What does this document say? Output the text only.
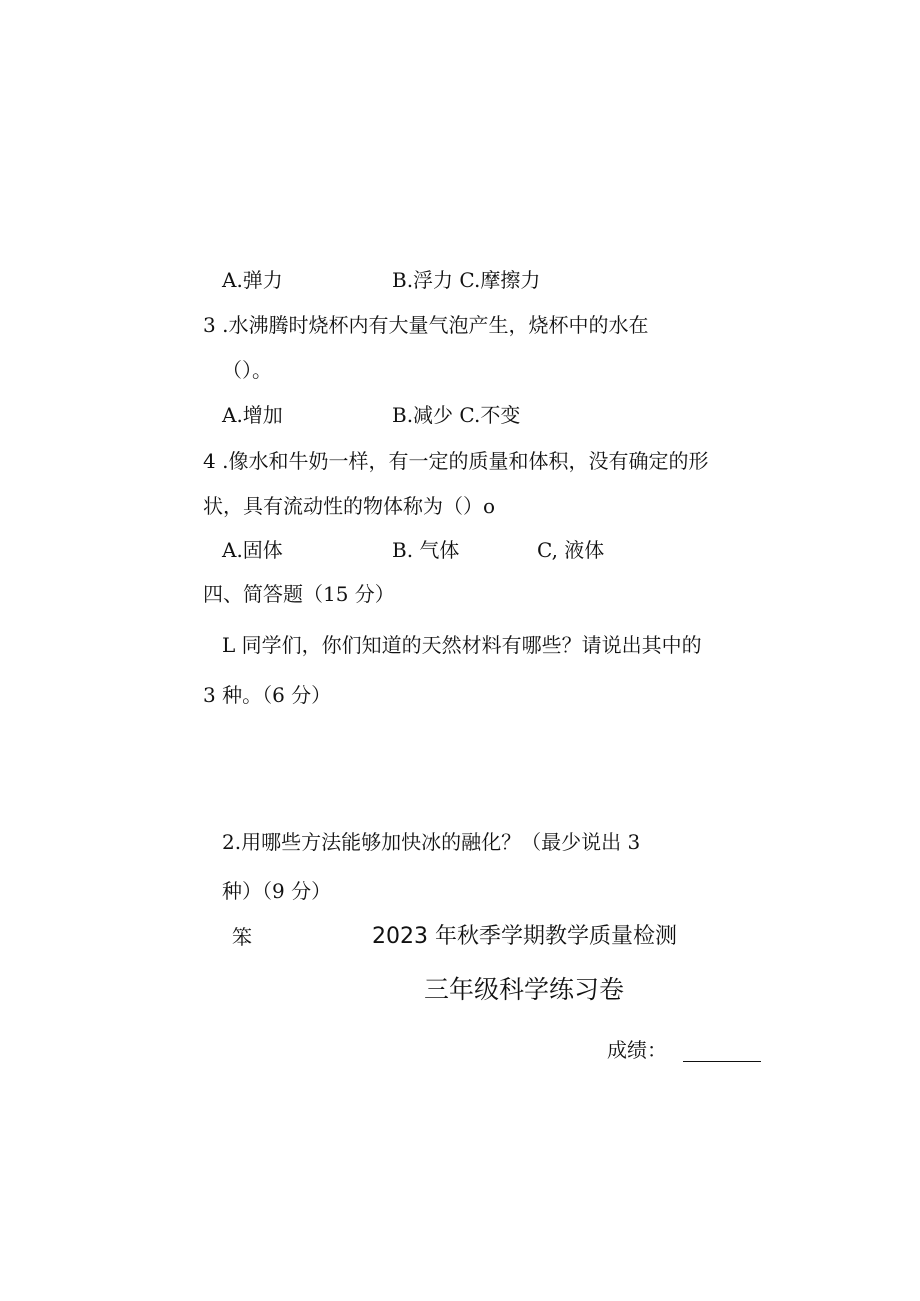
A.弹力	B.浮力 C.摩擦力
3 .水沸腾时烧杯内有大量气泡产生，烧杯中的水在
（）。
A.增加	B.减少 C.不变
4 .像水和牛奶一样，有一定的质量和体积，没有确定的形
状，具有流动性的物体称为（）o
A.固体	B. 气体	C, 液体
四、简答题（15 分）
L 同学们，你们知道的天然材料有哪些？请说出其中的
3 种。（6 分）
2.用哪些方法能够加快冰的融化？（最少说出 3
种）（9 分）
笨	2023 年秋季学期教学质量检测
三年级科学练习卷
成绩：
